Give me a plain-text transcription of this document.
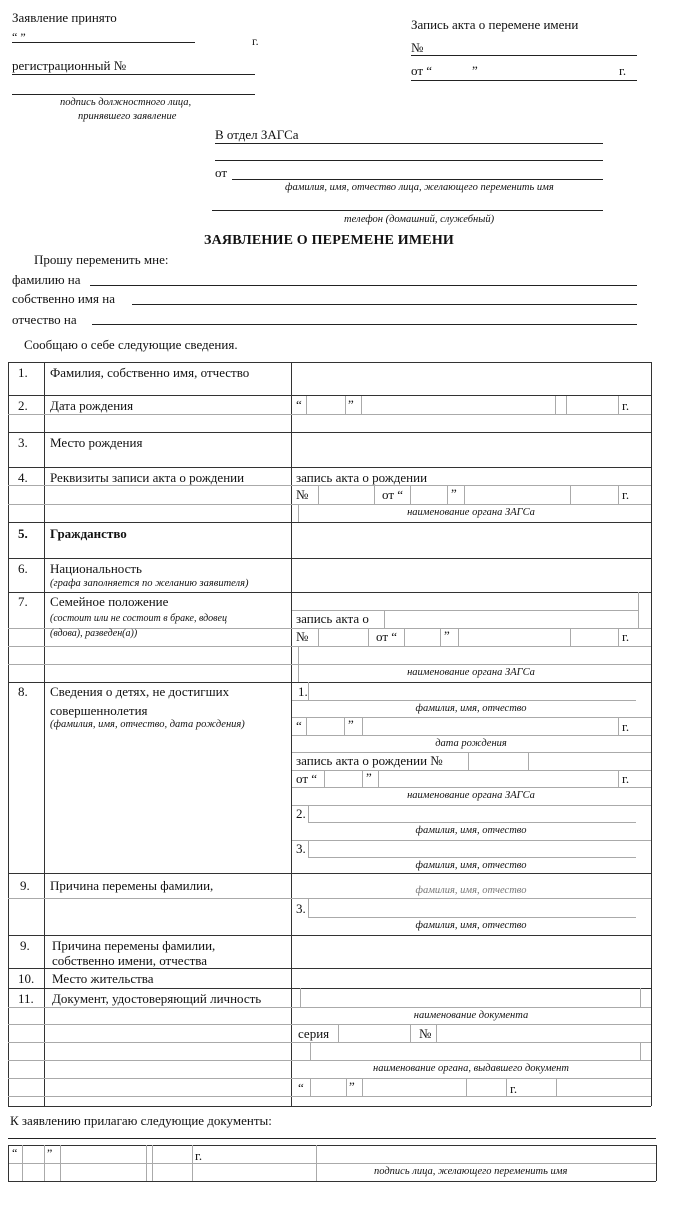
Заявление принято
“ ”	г.
регистрационный №
подпись должностного лица,
принявшего заявление
Запись акта о перемене имени
№
от “	”	г.
В отдел ЗАГСа
от
фамилия, имя, отчество лица, желающего переменить имя
телефон (домашний, служебный)
ЗАЯВЛЕНИЕ О ПЕРЕМЕНЕ ИМЕНИ
Прошу переменить мне:
фамилию на
собственно имя на
отчество на
Сообщаю о себе следующие сведения.
1. Фамилия, собственно имя, отчество
2. Дата рождения	“	”	г.
3. Место рождения
4. Реквизиты записи акта о рождении	запись акта о рождении
№	от “	”	г.
наименование органа ЗАГСа
5. Гражданство
6. Национальность
(графа заполняется по желанию заявителя)
7. Семейное положение
(состоит или не состоит в браке, вдовец
(вдова), разведен(а))
запись акта о
№	от “	”	г.
наименование органа ЗАГСа
8. Сведения о детях, не достигших
совершеннолетия
(фамилия, имя, отчество, дата рождения)
1.
фамилия, имя, отчество
“	”	г.
дата рождения
запись акта о рождении №
от “	”	г.
наименование органа ЗАГСа
2.
фамилия, имя, отчество
3.
фамилия, имя, отчество
9. Причина перемены фамилии,	фамилия, имя, отчество
3.
фамилия, имя, отчество
9. Причина перемены фамилии,
собственно имени, отчества
10. Место жительства
11. Документ, удостоверяющий личность
наименование документа
серия	№
наименование органа, выдавшего документ
“	”	г.
К заявлению прилагаю следующие документы:
“ ”	г.
подпись лица, желающего переменить имя
